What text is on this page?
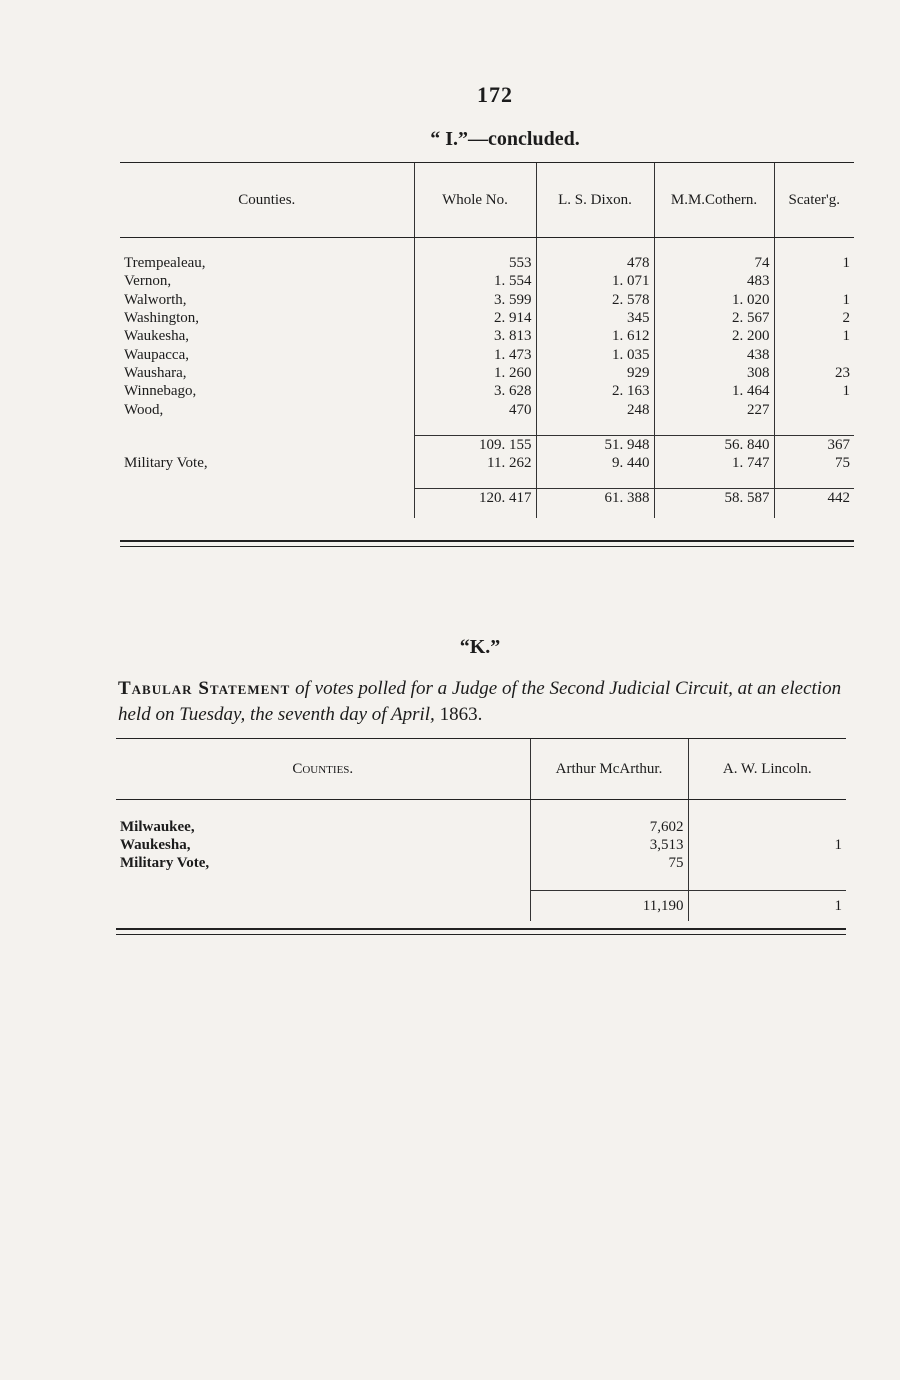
172
“ I.”—concluded.
Counties.	Whole No.	L. S. Dixon.	M.M.Cothern.	Scater'g.

Trempealeau,	553	478	74	1
Vernon,	1. 554	1. 071	483	
Walworth,	3. 599	2. 578	1. 020	1
Washington,	2. 914	345	2. 567	2
Waukesha,	3. 813	1. 612	2. 200	1
Waupacca,	1. 473	1. 035	438	
Waushara,	1. 260	929	308	23
Winnebago,	3. 628	2. 163	1. 464	1
Wood,	470	248	227	

	109. 155	51. 948	56. 840	367
Military Vote,	11. 262	9. 440	1. 747	75

	120. 417	61. 388	58. 587	442
“K.”
Tabular Statement of votes polled for a Judge of the Second Judicial Circuit, at an election held on Tuesday, the seventh day of April, 1863.
Counties.	Arthur McArthur.	A. W. Lincoln.

Milwaukee,	7,602	
Waukesha,	3,513	1
Military Vote,	75	

	11,190	1
